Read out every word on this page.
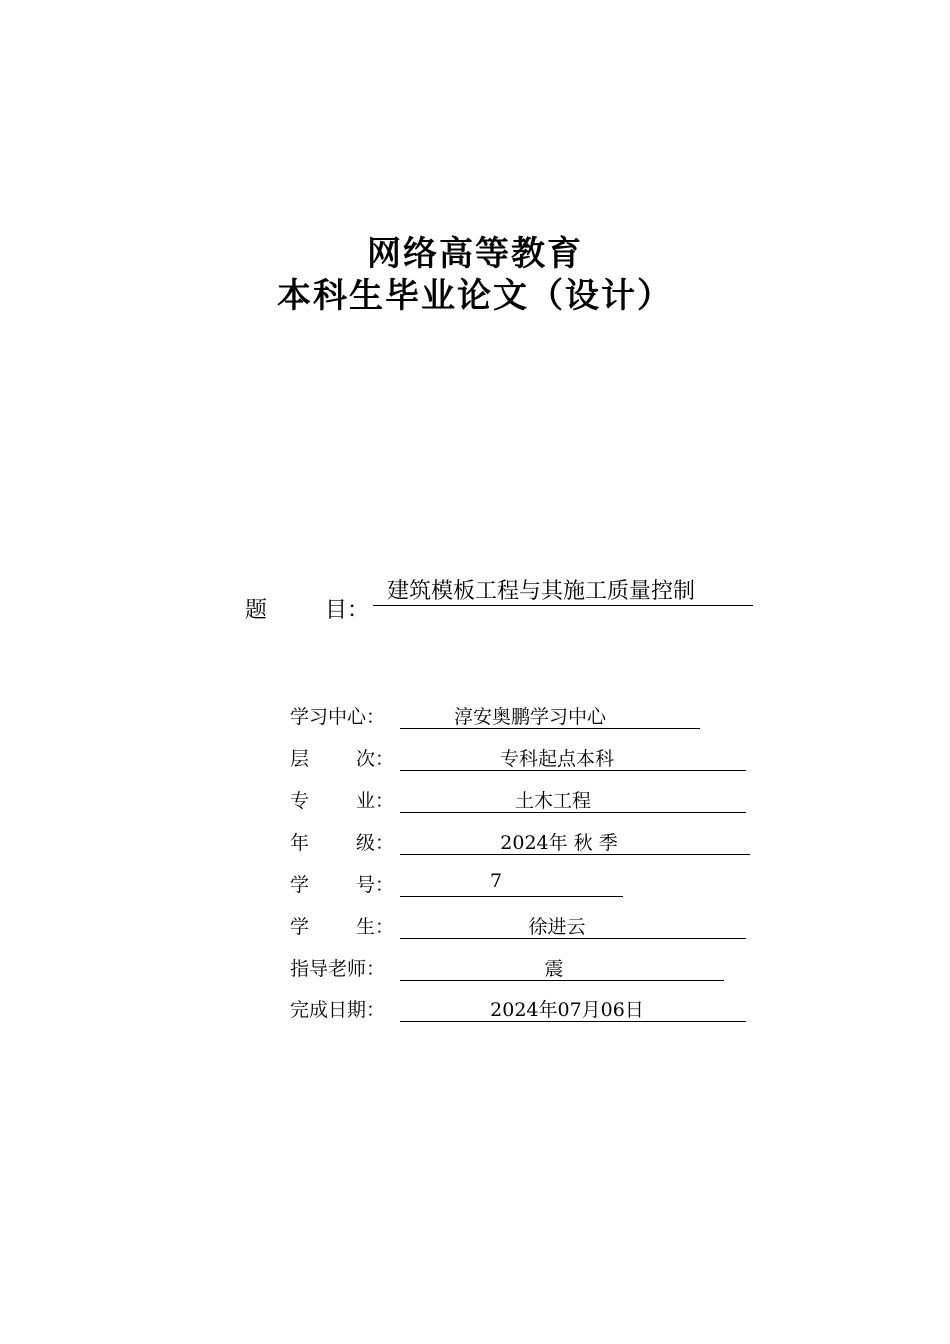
网络高等教育
本科生毕业论文（设计）
题	目：
建筑模板工程与其施工质量控制
学习中心：	淳安奥鹏学习中心
层 次：	专科起点本科
专 业：	土木工程
年 级：	2024年 秋 季
学 号：	7
学 生：	徐进云
指导老师：	震
完成日期：	2024年07月06日
